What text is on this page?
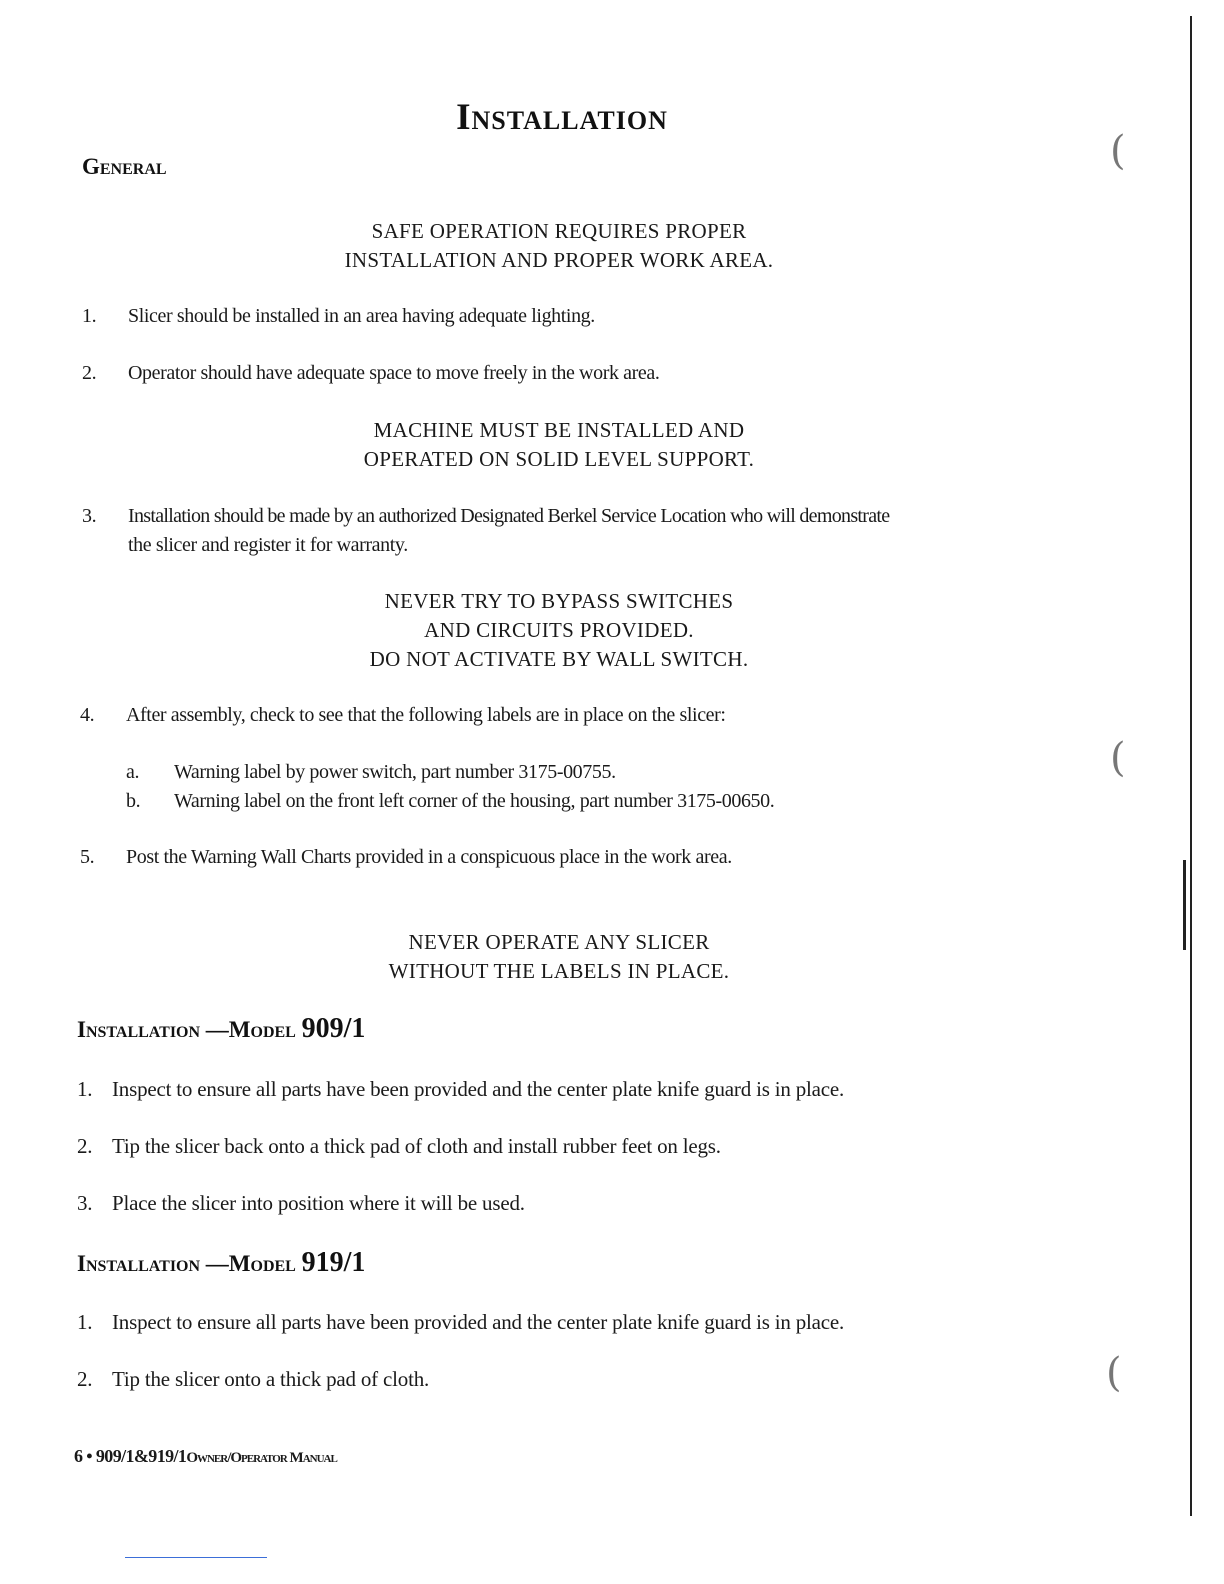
Installation
General
SAFE OPERATION REQUIRES PROPER
INSTALLATION AND PROPER WORK AREA.
1. Slicer should be installed in an area having adequate lighting.
2. Operator should have adequate space to move freely in the work area.
MACHINE MUST BE INSTALLED AND
OPERATED ON SOLID LEVEL SUPPORT.
3. Installation should be made by an authorized Designated Berkel Service Location who will demonstrate
the slicer and register it for warranty.
NEVER TRY TO BYPASS SWITCHES
AND CIRCUITS PROVIDED.
DO NOT ACTIVATE BY WALL SWITCH.
4. After assembly, check to see that the following labels are in place on the slicer:
a. Warning label by power switch, part number 3175-00755.
b. Warning label on the front left corner of the housing, part number 3175-00650.
5. Post the Warning Wall Charts provided in a conspicuous place in the work area.
NEVER OPERATE ANY SLICER
WITHOUT THE LABELS IN PLACE.
Installation —Model 909/1
1. Inspect to ensure all parts have been provided and the center plate knife guard is in place.
2. Tip the slicer back onto a thick pad of cloth and install rubber feet on legs.
3. Place the slicer into position where it will be used.
Installation —Model 919/1
1. Inspect to ensure all parts have been provided and the center plate knife guard is in place.
2. Tip the slicer onto a thick pad of cloth.
6 • 909/1&919/1Owner/Operator Manual
(
(
(
